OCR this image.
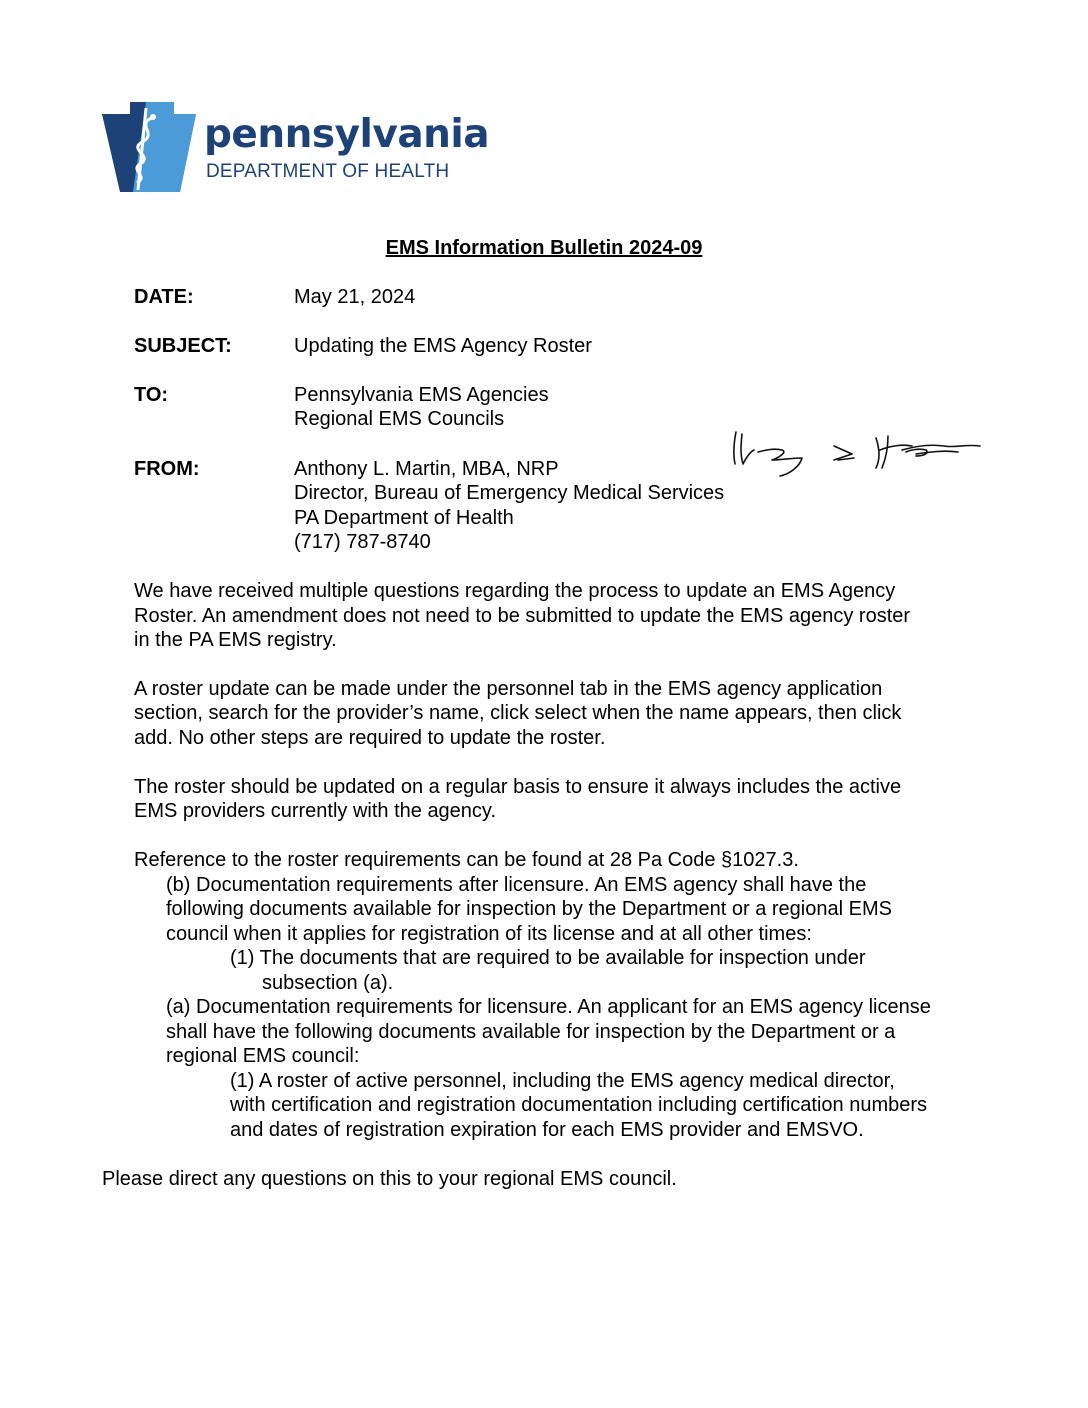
pennsylvania
DEPARTMENT OF HEALTH
EMS Information Bulletin 2024-09
DATE:	May 21, 2024
SUBJECT:	Updating the EMS Agency Roster
TO:	Pennsylvania EMS Agencies
Regional EMS Councils
FROM:	Anthony L. Martin, MBA, NRP
Director, Bureau of Emergency Medical Services
PA Department of Health
(717) 787-8740
We have received multiple questions regarding the process to update an EMS Agency
Roster. An amendment does not need to be submitted to update the EMS agency roster
in the PA EMS registry.
A roster update can be made under the personnel tab in the EMS agency application
section, search for the provider’s name, click select when the name appears, then click
add. No other steps are required to update the roster.
The roster should be updated on a regular basis to ensure it always includes the active
EMS providers currently with the agency.
Reference to the roster requirements can be found at 28 Pa Code §1027.3.
(b) Documentation requirements after licensure. An EMS agency shall have the
following documents available for inspection by the Department or a regional EMS
council when it applies for registration of its license and at all other times:
(1) The documents that are required to be available for inspection under
subsection (a).
(a) Documentation requirements for licensure. An applicant for an EMS agency license
shall have the following documents available for inspection by the Department or a
regional EMS council:
(1) A roster of active personnel, including the EMS agency medical director,
with certification and registration documentation including certification numbers
and dates of registration expiration for each EMS provider and EMSVO.
Please direct any questions on this to your regional EMS council.
